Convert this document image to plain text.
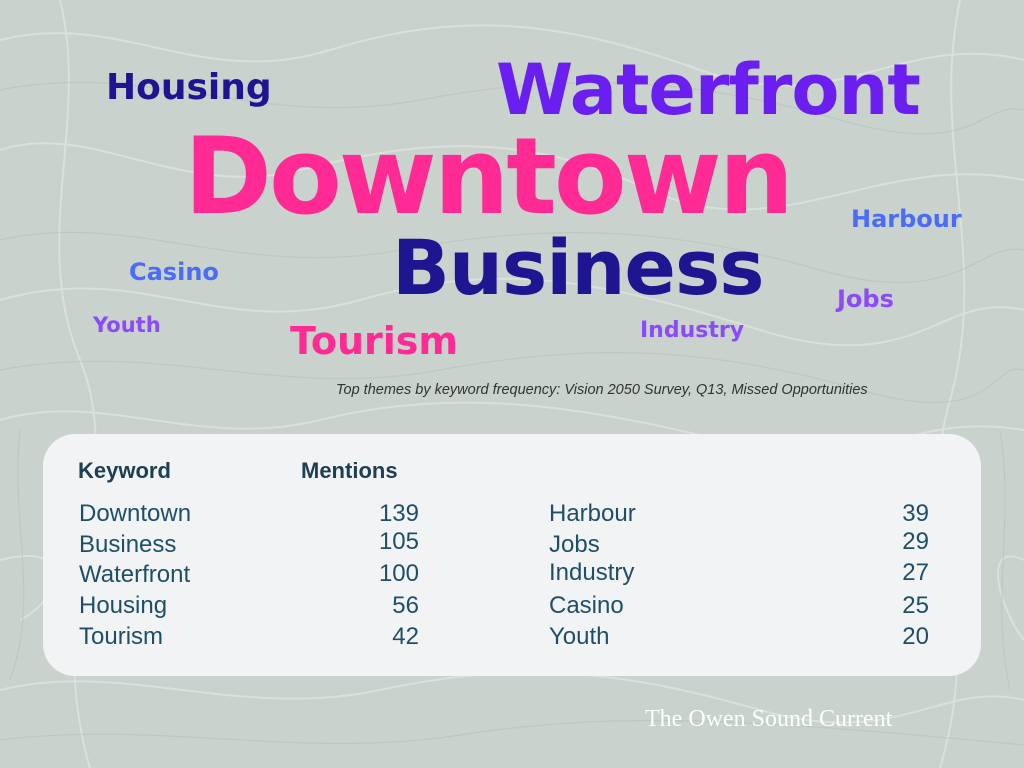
Housing	Waterfront
Downtown Harbour
Business
Casino
Jobs
Youth	Tourism	Industry
Top themes by keyword frequency: Vision 2050 Survey, Q13, Missed Opportunities
Keyword	Mentions
Downtown	139
Business	105
Waterfront	100
Housing	56
Tourism	42
Harbour	39
Jobs	29
Industry	27
Casino	25
Youth	20
The Owen Sound Current
